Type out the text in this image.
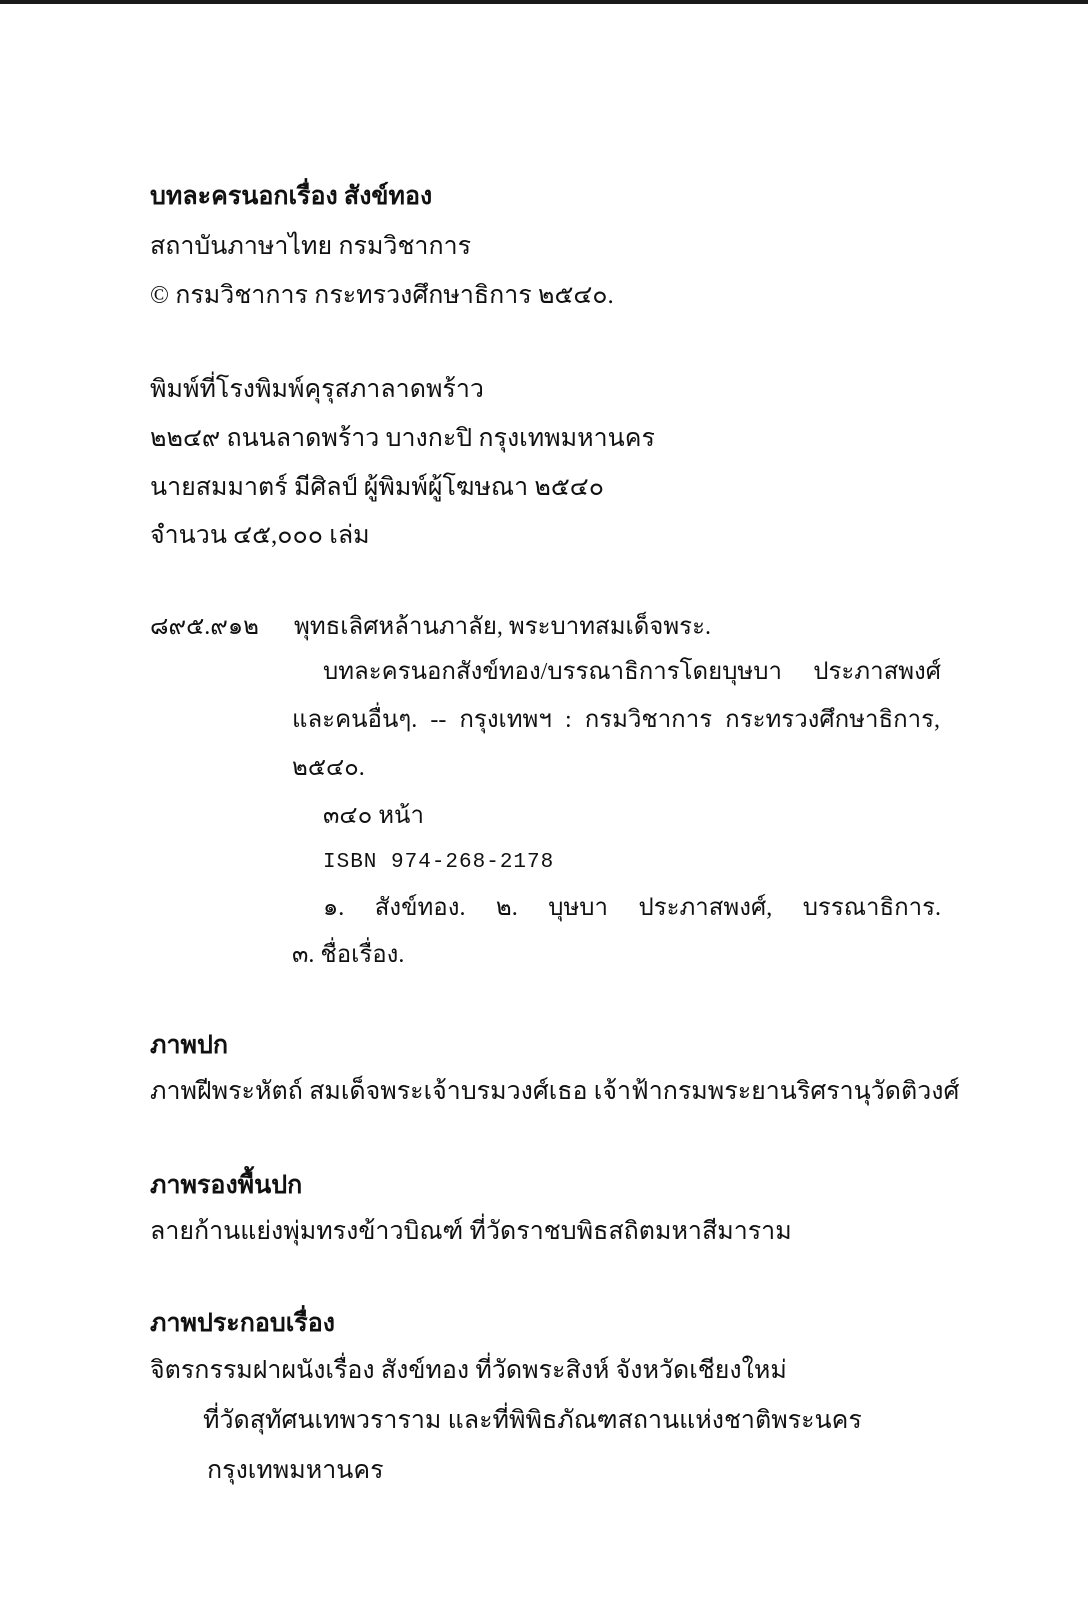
บทละครนอกเรื่อง สังข์ทอง
สถาบันภาษาไทย กรมวิชาการ
© กรมวิชาการ กระทรวงศึกษาธิการ ๒๕๔๐.
พิมพ์ที่โรงพิมพ์คุรุสภาลาดพร้าว
๒๒๔๙ ถนนลาดพร้าว บางกะปิ กรุงเทพมหานคร
นายสมมาตร์ มีศิลป์ ผู้พิมพ์ผู้โฆษณา ๒๕๔๐
จำนวน ๔๕,๐๐๐ เล่ม
๘๙๕.๙๑๒ พุทธเลิศหล้านภาลัย, พระบาทสมเด็จพระ.
บทละครนอกสังข์ทอง/บรรณาธิการโดยบุษบา ประภาสพงศ์
และคนอื่นๆ. -- กรุงเทพฯ : กรมวิชาการ กระทรวงศึกษาธิการ,
๒๕๔๐.
๓๔๐ หน้า
ISBN 974-268-2178
๑. สังข์ทอง. ๒. บุษบา ประภาสพงศ์, บรรณาธิการ.
๓. ชื่อเรื่อง.
ภาพปก
ภาพฝีพระหัตถ์ สมเด็จพระเจ้าบรมวงศ์เธอ เจ้าฟ้ากรมพระยานริศรานุวัดติวงศ์
ภาพรองพื้นปก
ลายก้านแย่งพุ่มทรงข้าวบิณฑ์ ที่วัดราชบพิธสถิตมหาสีมาราม
ภาพประกอบเรื่อง
จิตรกรรมฝาผนังเรื่อง สังข์ทอง ที่วัดพระสิงห์ จังหวัดเชียงใหม่
ที่วัดสุทัศนเทพวราราม และที่พิพิธภัณฑสถานแห่งชาติพระนคร
กรุงเทพมหานคร
